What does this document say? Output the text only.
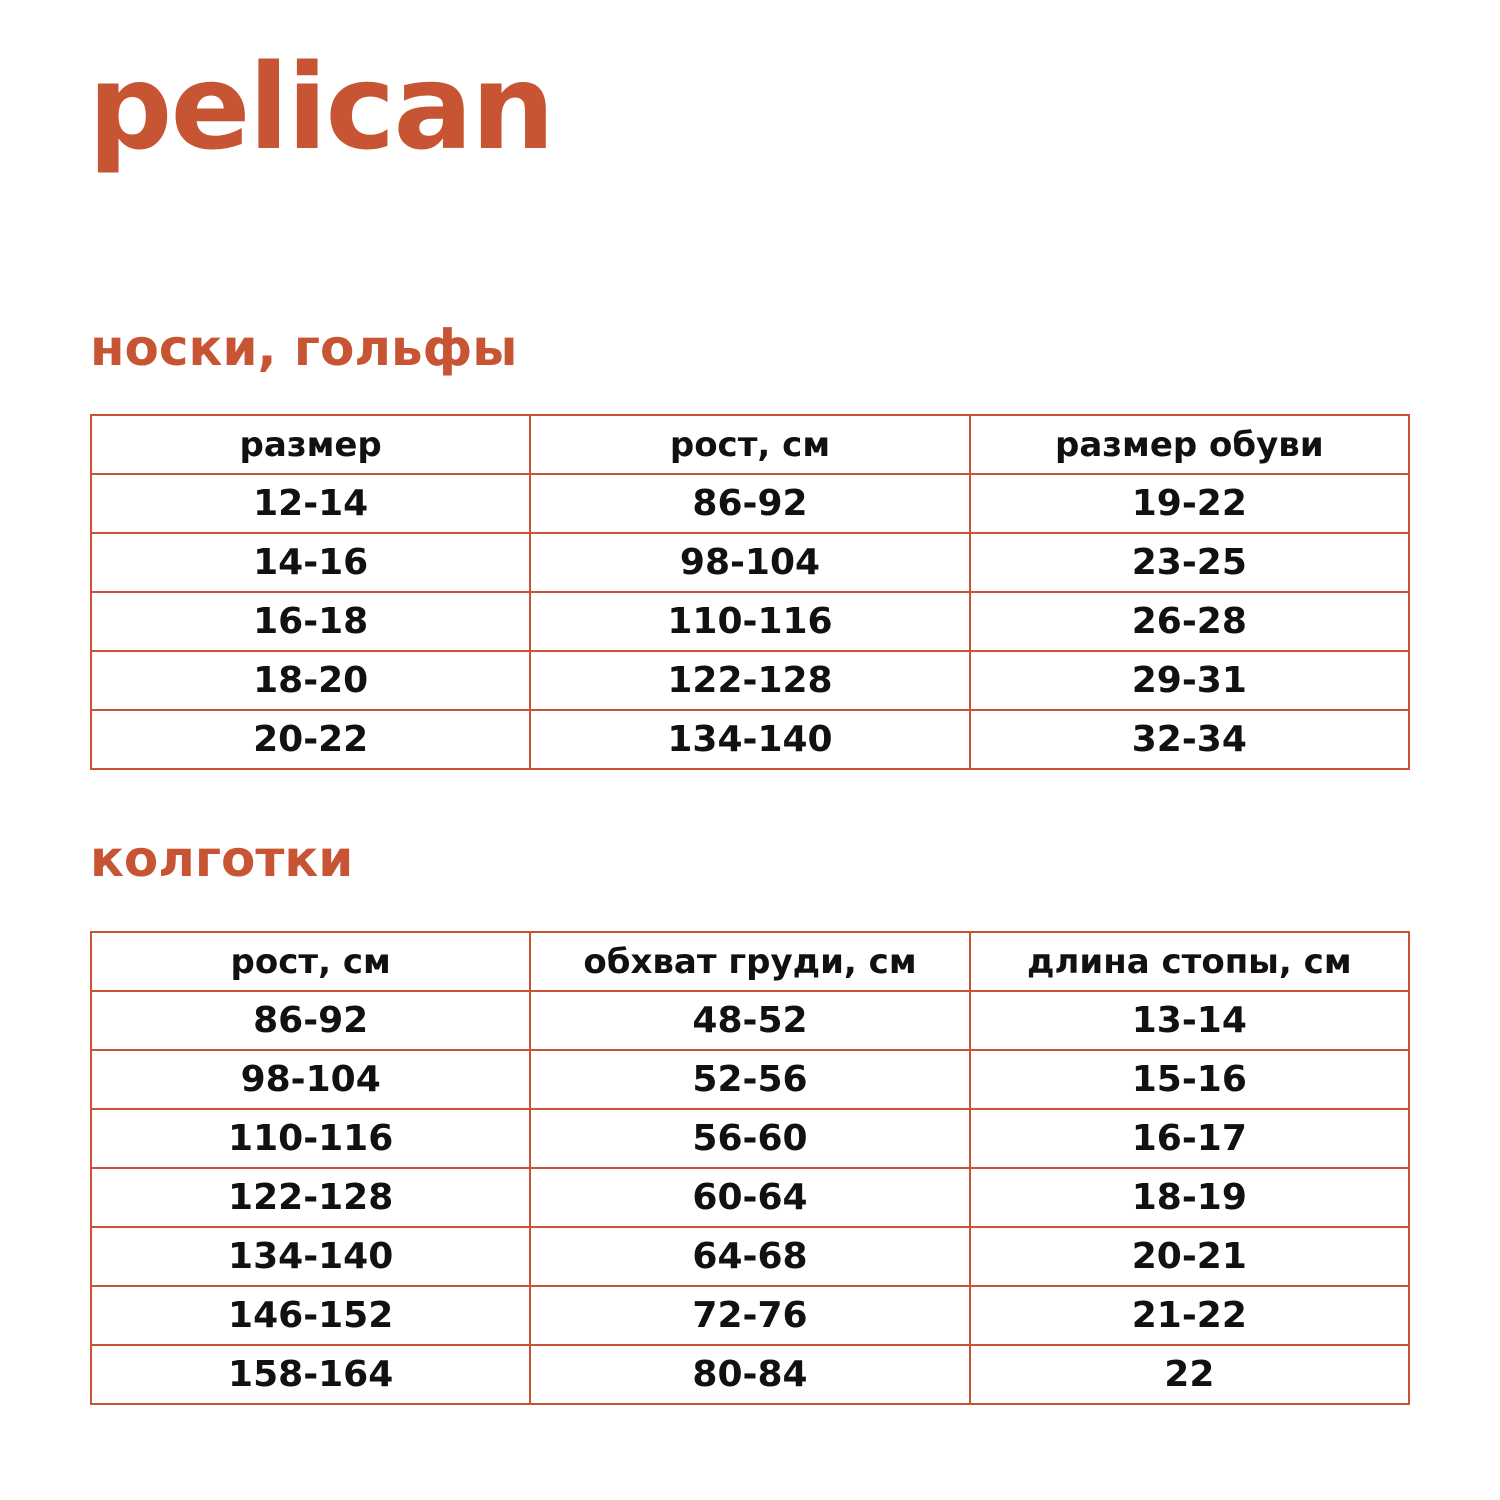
pelican
носки, гольфы
размер	рост, см	размер обуви
12-14	86-92	19-22
14-16	98-104	23-25
16-18	110-116	26-28
18-20	122-128	29-31
20-22	134-140	32-34
колготки
рост, см	обхват груди, см	длина стопы, см
86-92	48-52	13-14
98-104	52-56	15-16
110-116	56-60	16-17
122-128	60-64	18-19
134-140	64-68	20-21
146-152	72-76	21-22
158-164	80-84	22
